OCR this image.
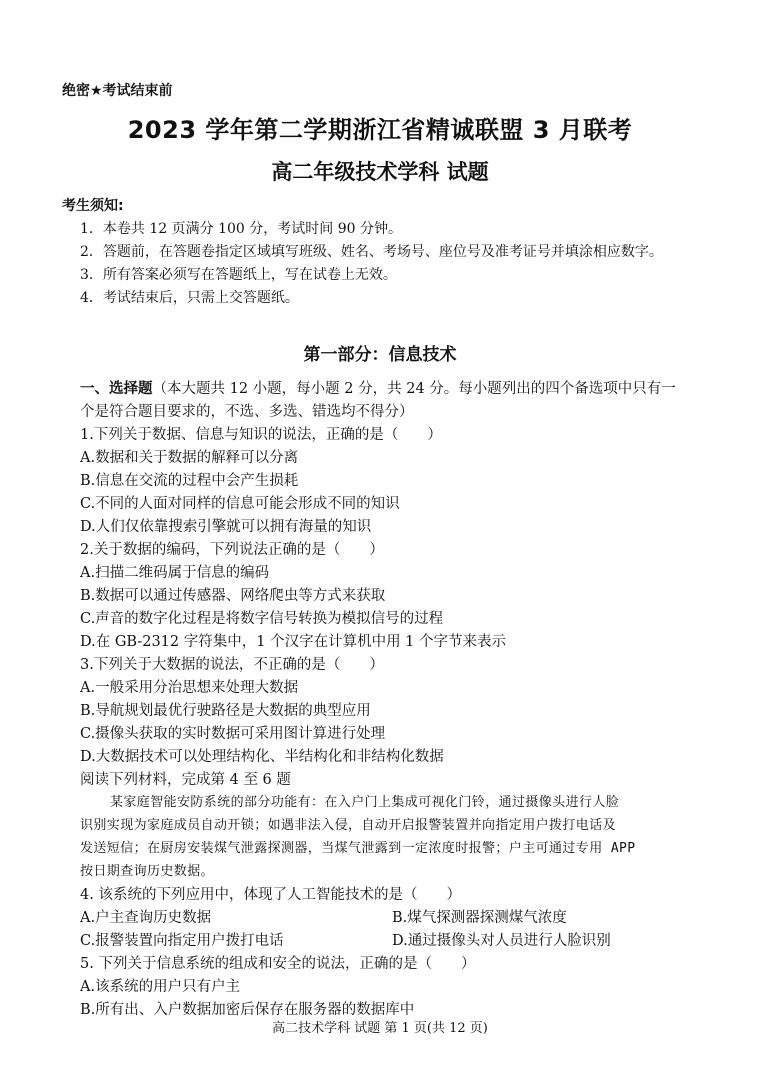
绝密★考试结束前
2023 学年第二学期浙江省精诚联盟 3 月联考
高二年级技术学科 试题
考生须知:
1．本卷共 12 页满分 100 分，考试时间 90 分钟。
2．答题前，在答题卷指定区域填写班级、姓名、考场号、座位号及准考证号并填涂相应数字。
3．所有答案必须写在答题纸上，写在试卷上无效。
4．考试结束后，只需上交答题纸。
第一部分：信息技术
一、选择题（本大题共 12 小题，每小题 2 分，共 24 分。每小题列出的四个备选项中只有一
个是符合题目要求的，不选、多选、错选均不得分）
1.下列关于数据、信息与知识的说法，正确的是（　　）
A.数据和关于数据的解释可以分离
B.信息在交流的过程中会产生损耗
C.不同的人面对同样的信息可能会形成不同的知识
D.人们仅依靠搜索引擎就可以拥有海量的知识
2.关于数据的编码，下列说法正确的是（　　）
A.扫描二维码属于信息的编码
B.数据可以通过传感器、网络爬虫等方式来获取
C.声音的数字化过程是将数字信号转换为模拟信号的过程
D.在 GB-2312 字符集中，1 个汉字在计算机中用 1 个字节来表示
3.下列关于大数据的说法，不正确的是（　　）
A.一般采用分治思想来处理大数据
B.导航规划最优行驶路径是大数据的典型应用
C.摄像头获取的实时数据可采用图计算进行处理
D.大数据技术可以处理结构化、半结构化和非结构化数据
阅读下列材料，完成第 4 至 6 题
某家庭智能安防系统的部分功能有：在入户门上集成可视化门铃，通过摄像头进行人脸
识别实现为家庭成员自动开锁；如遇非法入侵，自动开启报警装置并向指定用户拨打电话及
发送短信；在厨房安装煤气泄露探测器，当煤气泄露到一定浓度时报警；户主可通过专用 APP
按日期查询历史数据。
4. 该系统的下列应用中，体现了人工智能技术的是（　　）
A.户主查询历史数据	B.煤气探测器探测煤气浓度
C.报警装置向指定用户拨打电话	D.通过摄像头对人员进行人脸识别
5. 下列关于信息系统的组成和安全的说法，正确的是（　　）
A.该系统的用户只有户主
B.所有出、入户数据加密后保存在服务器的数据库中
高二技术学科 试题 第 1 页(共 12 页)
